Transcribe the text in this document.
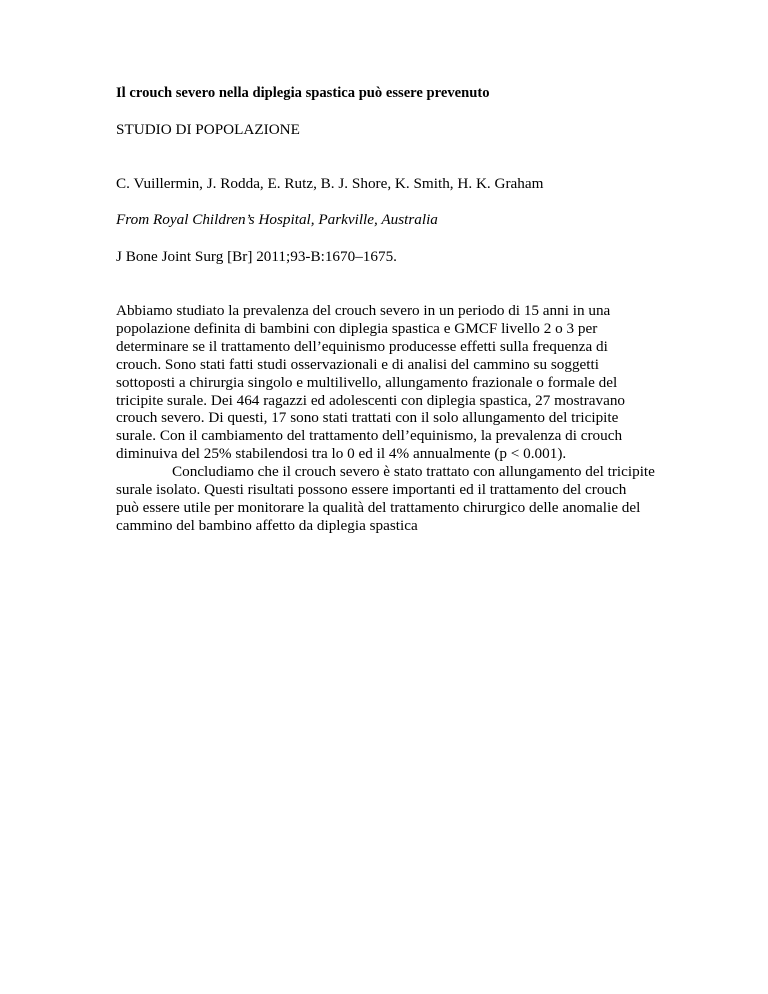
Il crouch severo nella diplegia spastica può essere prevenuto
STUDIO DI POPOLAZIONE
C. Vuillermin, J. Rodda, E. Rutz, B. J. Shore, K. Smith, H. K. Graham
From Royal Children’s Hospital, Parkville, Australia
J Bone Joint Surg [Br] 2011;93-B:1670–1675.

Abbiamo studiato la prevalenza del crouch severo in un periodo di 15 anni in una
popolazione definita di bambini con diplegia spastica e GMCF livello 2 o 3 per
determinare se il trattamento dell’equinismo producesse effetti sulla frequenza di
crouch. Sono stati fatti studi osservazionali e di analisi del cammino su soggetti
sottoposti a chirurgia singolo e multilivello, allungamento frazionale o formale del
tricipite surale. Dei 464 ragazzi ed adolescenti con diplegia spastica, 27 mostravano
crouch severo. Di questi, 17 sono stati trattati con il solo allungamento del tricipite
surale. Con il cambiamento del trattamento dell’equinismo, la prevalenza di crouch
diminuiva del 25% stabilendosi tra lo 0 ed il 4% annualmente (p < 0.001).

Concludiamo che il crouch severo è stato trattato con allungamento del tricipite
surale isolato. Questi risultati possono essere importanti ed il trattamento del crouch
può essere utile per monitorare la qualità del trattamento chirurgico delle anomalie del
cammino del bambino affetto da diplegia spastica
